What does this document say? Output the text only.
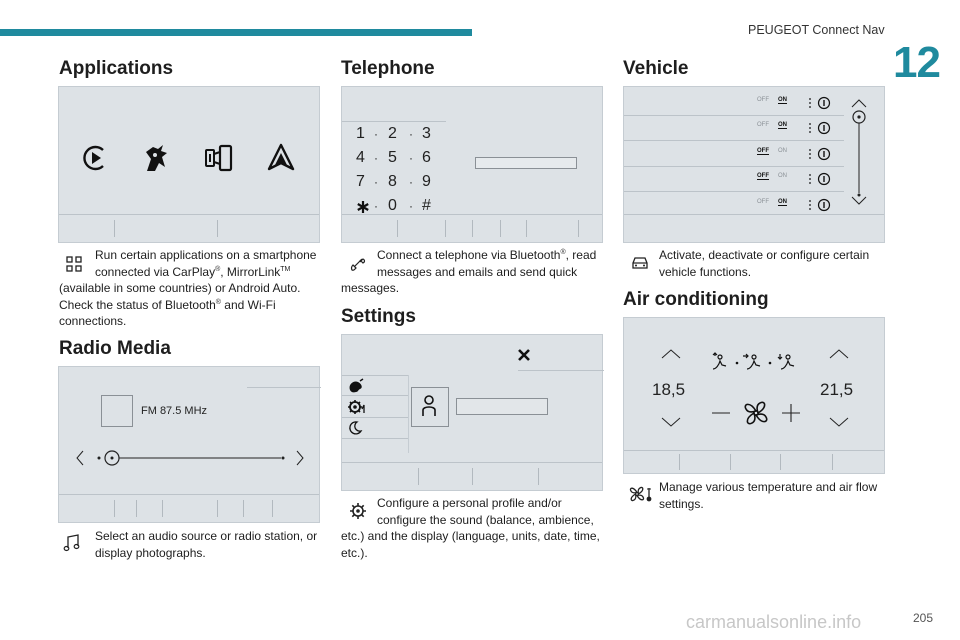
PEUGEOT Connect Nav
12
Applications
Run certain applications on a smartphone
connected via CarPlay®, MirrorLink™
(available in some countries) or Android Auto.
Check the status of Bluetooth® and Wi-Fi
connections.
Radio Media
FM 87.5 MHz
Select an audio source or radio station, or
display photographs.
Telephone
1 · 2 · 3
4 · 5 · 6
7 · 8 · 9
· 0 · #
Connect a telephone via Bluetooth®, read
messages and emails and send quick
messages.
Settings
Configure a personal profile and/or
configure the sound (balance, ambience,
etc.) and the display (language, units, date, time,
etc.).
Vehicle
OFF ON
OFF ON
OFF ON
OFF ON
OFF ON
Activate, deactivate or configure certain
vehicle functions.
Air conditioning
18,5	21,5
Manage various temperature and air flow
settings.
205
carmanualsonline.info
